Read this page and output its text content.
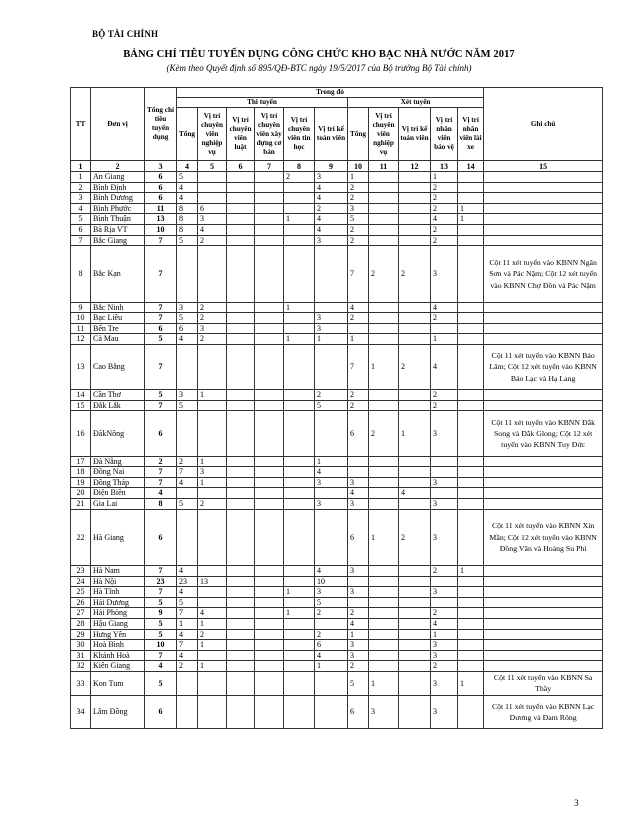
BỘ TÀI CHÍNH
BẢNG CHỈ TIÊU TUYỂN DỤNG CÔNG CHỨC KHO BẠC NHÀ NƯỚC NĂM 2017
(Kèm theo Quyết định số 895/QĐ-BTC ngày 19/5/2017 của Bộ trưởng Bộ Tài chính)
TT	Đơn vị	Tổng chỉ tiêu tuyển dụng	Trong đó											Ghi chú
			Thi tuyển						Xét tuyển					
			Tổng	Vị trí chuyên viên nghiệp vụ	Vị trí chuyên viên luật	Vị trí chuyên viên xây dựng cơ bản	Vị trí chuyên viên tin học	Vị trí kế toán viên	Tổng	Vị trí chuyên viên nghiệp vụ	Vị trí kế toán viên	Vị trí nhân viên bảo vệ	Vị trí nhân viên lái xe	
1	2	3	4	5	6	7	8	9	10	11	12	13	14	15
1	An Giang	6	5				2	3	1			1		
2	Bình Định	6	4					4	2			2		
3	Bình Dương	6	4					4	2			2		
4	Bình Phước	11	8	6				2	3			2	1	
5	Bình Thuận	13	8	3			1	4	5			4	1	
6	Bà Rịa VT	10	8	4				4	2			2		
7	Bắc Giang	7	5	2				3	2			2		
8	Bắc Kạn	7							7	2	2	3		Cột 11 xét tuyển vào KBNN Ngân Sơn và Pác Nặm; Cột 12 xét tuyển vào KBNN Chợ Đồn và Pác Nặm
9	Bắc Ninh	7	3	2			1		4			4		
10	Bạc Liêu	7	5	2				3	2			2		
11	Bến Tre	6	6	3				3						
12	Cà Mau	5	4	2			1	1	1			1		
13	Cao Bằng	7							7	1	2	4		Cột 11 xét tuyển vào KBNN Bảo Lâm; Cột 12 xét tuyển vào KBNN Bảo Lạc và Hạ Lang
14	Cần Thơ	5	3	1				2	2			2		
15	Đắk Lắk	7	5					5	2			2		
16	ĐăkNông	6							6	2	1	3		Cột 11 xét tuyển vào KBNN Đắk Song và Đắk Glong; Cột 12 xét tuyển vào KBNN Tuy Đức
17	Đà Nẵng	2	2	1				1						
18	Đồng Nai	7	7	3				4						
19	Đồng Tháp	7	4	1				3	3			3		
20	Điện Biên	4							4		4			
21	Gia Lai	8	5	2				3	3			3		
22	Hà Giang	6							6	1	2	3		Cột 11 xét tuyển vào KBNN Xín Mần; Cột 12 xét tuyển vào KBNN Đồng Văn và Hoàng Su Phì
23	Hà Nam	7	4					4	3			2	1	
24	Hà Nội	23	23	13				10						
25	Hà Tĩnh	7	4				1	3	3			3		
26	Hải Dương	5	5					5						
27	Hải Phòng	9	7	4			1	2	2			2		
28	Hậu Giang	5	1	1					4			4		
29	Hưng Yên	5	4	2				2	1			1		
30	Hoà Bình	10	7	1				6	3			3		
31	Khánh Hoà	7	4					4	3			3		
32	Kiên Giang	4	2	1				1	2			2		
33	Kon Tum	5							5	1		3	1	Cột 11 xét tuyển vào KBNN Sa Thầy
34	Lâm Đồng	6							6	3		3		Cột 11 xét tuyển vào KBNN Lạc Dương và Đam Rông
3
